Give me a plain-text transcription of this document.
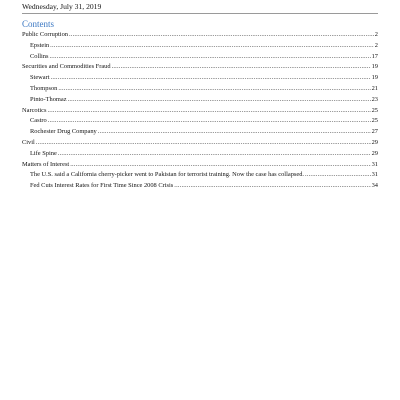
Wednesday, July 31, 2019
Contents
Public Corruption .....	2
Epstein .....	2
Collins .....	17
Securities and Commodities Fraud .....	19
Stewart .....	19
Thompson .....	21
Pinto-Thomaz .....	23
Narcotics .....	25
Castro .....	25
Rochester Drug Company .....	27
Civil .....	29
Life Spine .....	29
Matters of Interest .....	31
The U.S. said a California cherry-picker went to Pakistan for terrorist training. Now the case has collapsed. .....	31
Fed Cuts Interest Rates for First Time Since 2008 Crisis .....	34
